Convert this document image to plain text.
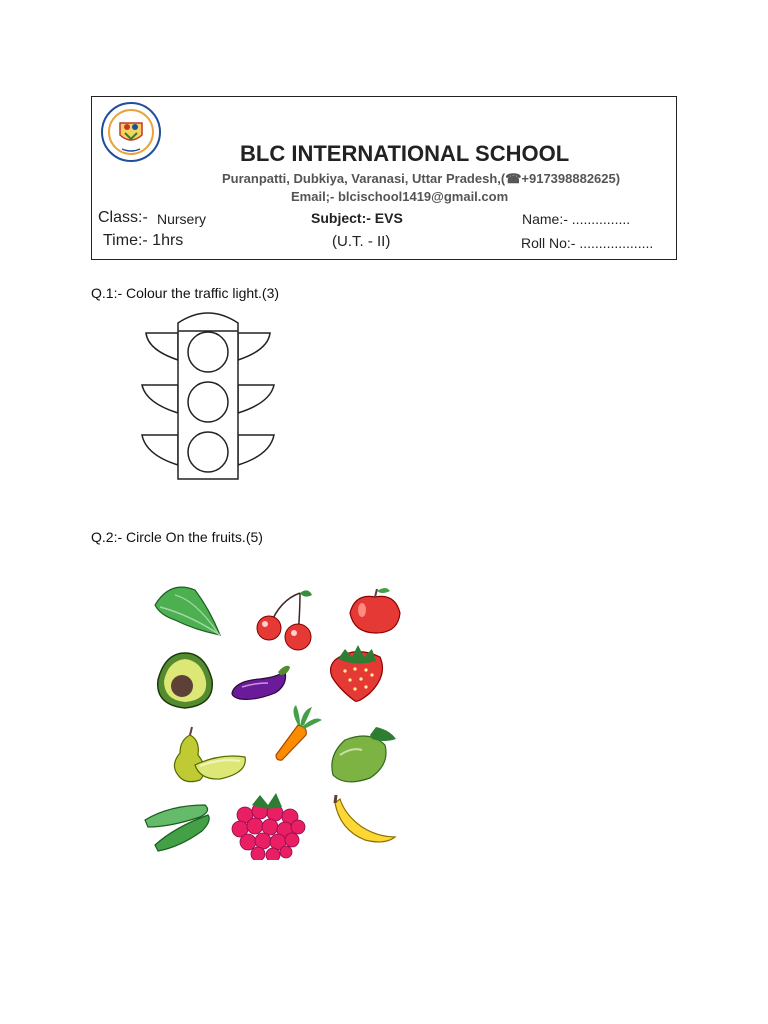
BLC INTERNATIONAL SCHOOL
Puranpatti, Dubkiya, Varanasi, Uttar Pradesh,(☎+917398882625)
Email;- blcischool1419@gmail.com
Class:- Nursery	Subject:- EVS	Name:- ...............
Time:- 1hrs	(U.T. - II)	Roll No:- ...................
Q.1:- Colour the traffic light.(3)
Q.2:- Circle On the fruits.(5)
